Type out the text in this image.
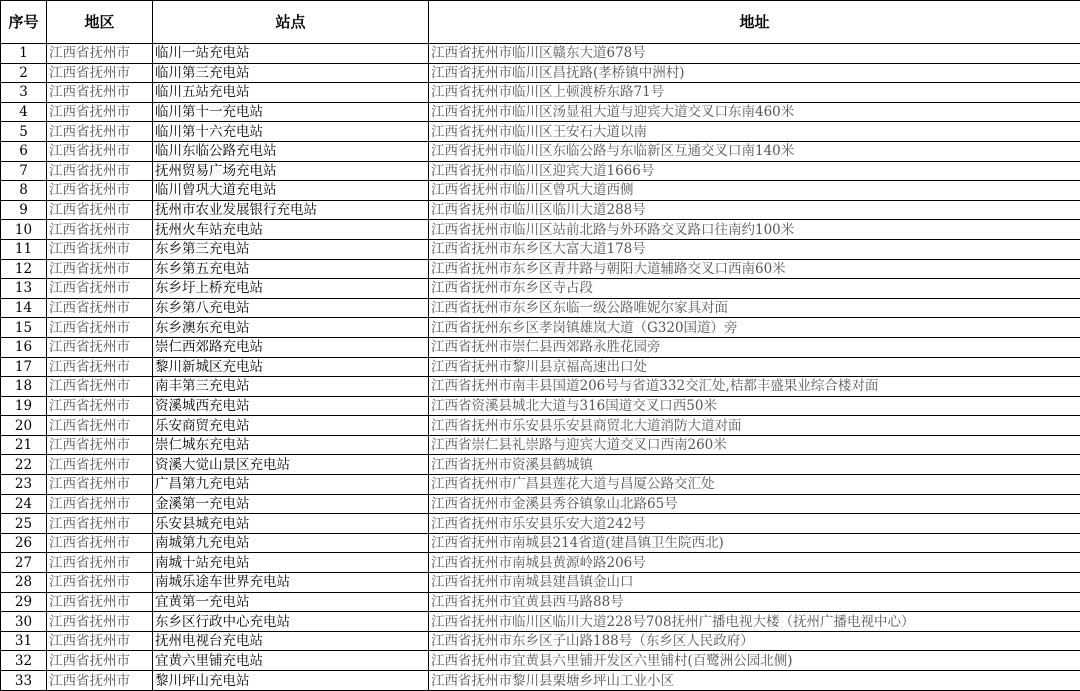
序号	地区	站点	地址
1	江西省抚州市	临川一站充电站	江西省抚州市临川区赣东大道678号
2	江西省抚州市	临川第三充电站	江西省抚州市临川区昌抚路(孝桥镇中洲村)
3	江西省抚州市	临川五站充电站	江西省抚州市临川区上顿渡桥东路71号
4	江西省抚州市	临川第十一充电站	江西省抚州市临川区汤显祖大道与迎宾大道交叉口东南460米
5	江西省抚州市	临川第十六充电站	江西省抚州市临川区王安石大道以南
6	江西省抚州市	临川东临公路充电站	江西省抚州市临川区东临公路与东临新区互通交叉口南140米
7	江西省抚州市	抚州贸易广场充电站	江西省抚州市临川区迎宾大道1666号
8	江西省抚州市	临川曾巩大道充电站	江西省抚州市临川区曾巩大道西侧
9	江西省抚州市	抚州市农业发展银行充电站	江西省抚州市临川区临川大道288号
10	江西省抚州市	抚州火车站充电站	江西省抚州市临川区站前北路与外环路交叉路口往南约100米
11	江西省抚州市	东乡第三充电站	江西省抚州市东乡区大富大道178号
12	江西省抚州市	东乡第五充电站	江西省抚州市东乡区青井路与朝阳大道辅路交叉口西南60米
13	江西省抚州市	东乡圩上桥充电站	江西省抚州市东乡区寺占段
14	江西省抚州市	东乡第八充电站	江西省抚州市东乡区东临一级公路唯妮尔家具对面
15	江西省抚州市	东乡澳东充电站	江西省抚州东乡区孝岗镇雄岚大道（G320国道）旁
16	江西省抚州市	崇仁西郊路充电站	江西省抚州市崇仁县西郊路永胜花园旁
17	江西省抚州市	黎川新城区充电站	江西省抚州市黎川县京福高速出口处
18	江西省抚州市	南丰第三充电站	江西省抚州市南丰县国道206号与省道332交汇处,桔都丰盛果业综合楼对面
19	江西省抚州市	资溪城西充电站	江西省资溪县城北大道与316国道交叉口西50米
20	江西省抚州市	乐安商贸充电站	江西省抚州市乐安县乐安县商贸北大道消防大道对面
21	江西省抚州市	崇仁城东充电站	江西省崇仁县礼崇路与迎宾大道交叉口西南260米
22	江西省抚州市	资溪大觉山景区充电站	江西省抚州市资溪县鹤城镇
23	江西省抚州市	广昌第九充电站	江西省抚州市广昌县莲花大道与昌厦公路交汇处
24	江西省抚州市	金溪第一充电站	江西省抚州市金溪县秀谷镇象山北路65号
25	江西省抚州市	乐安县城充电站	江西省抚州市乐安县乐安大道242号
26	江西省抚州市	南城第九充电站	江西省抚州市南城县214省道(建昌镇卫生院西北)
27	江西省抚州市	南城十站充电站	江西省抚州市南城县黄源岭路206号
28	江西省抚州市	南城乐途车世界充电站	江西省抚州市南城县建昌镇金山口
29	江西省抚州市	宜黄第一充电站	江西省抚州市宜黄县西马路88号
30	江西省抚州市	东乡区行政中心充电站	江西省抚州市临川区临川大道228号708抚州广播电视大楼（抚州广播电视中心）
31	江西省抚州市	抚州电视台充电站	江西省抚州市东乡区子山路188号（东乡区人民政府）
32	江西省抚州市	宜黄六里铺充电站	江西省抚州市宜黄县六里铺开发区六里铺村(百鹭洲公园北侧)
33	江西省抚州市	黎川坪山充电站	江西省抚州市黎川县栗塘乡坪山工业小区
